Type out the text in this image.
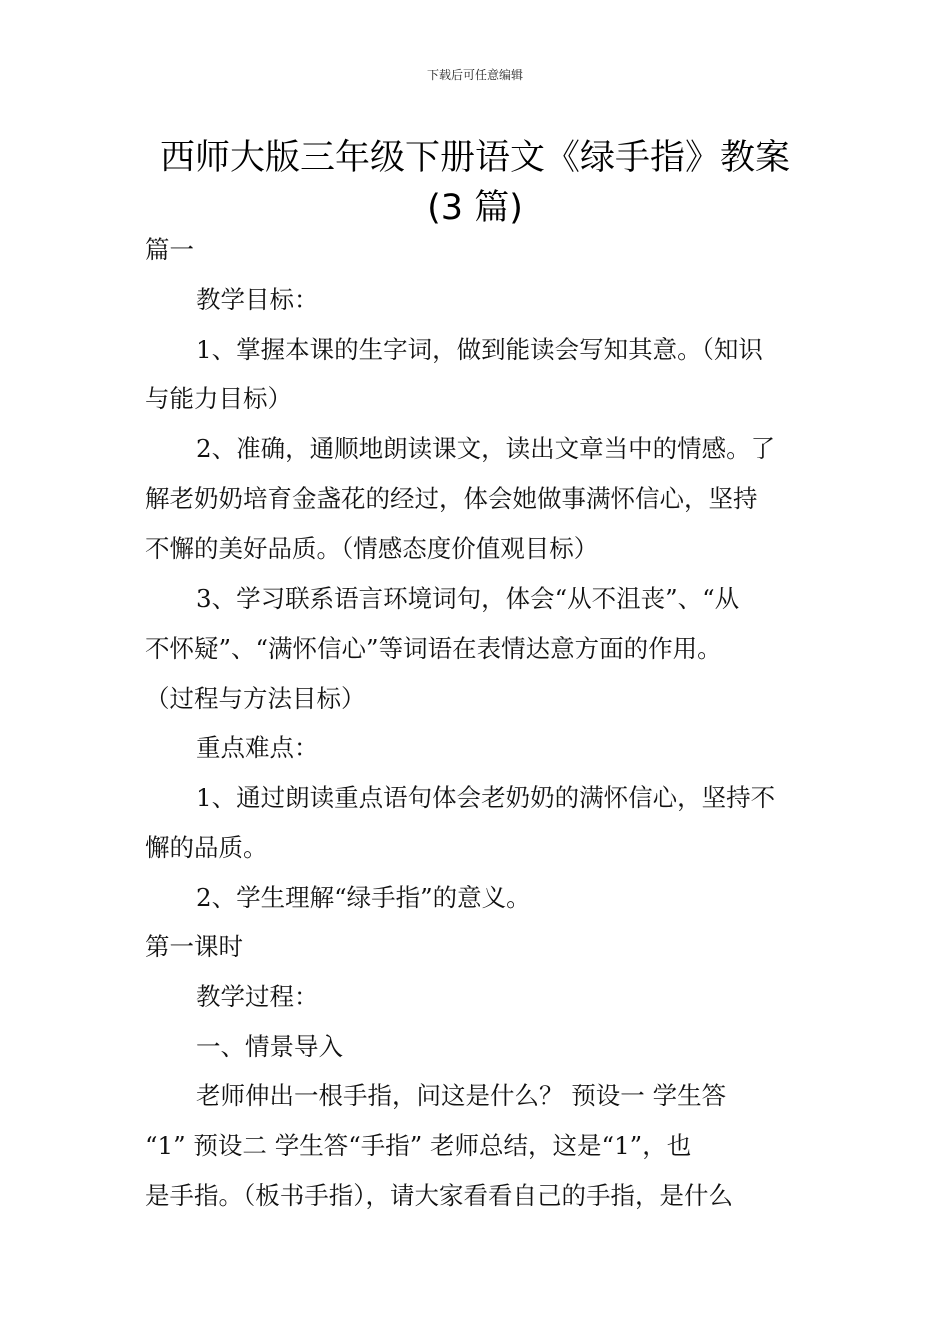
下载后可任意编辑
西师大版三年级下册语文《绿手指》教案
(3 篇)
篇一
教学目标：
1、掌握本课的生字词，做到能读会写知其意。（知识
与能力目标）
2、准确，通顺地朗读课文，读出文章当中的情感。了
解老奶奶培育金盏花的经过，体会她做事满怀信心，坚持
不懈的美好品质。（情感态度价值观目标）
3、学习联系语言环境词句，体会“从不沮丧”、“从
不怀疑”、“满怀信心”等词语在表情达意方面的作用。
（过程与方法目标）
重点难点：
1、通过朗读重点语句体会老奶奶的满怀信心，坚持不
懈的品质。
2、学生理解“绿手指”的意义。
第一课时
教学过程：
一、情景导入
老师伸出一根手指，问这是什么？ 预设一 学生答
“1” 预设二 学生答“手指” 老师总结，这是“1”，也
是手指。（板书手指），请大家看看自己的手指，是什么
